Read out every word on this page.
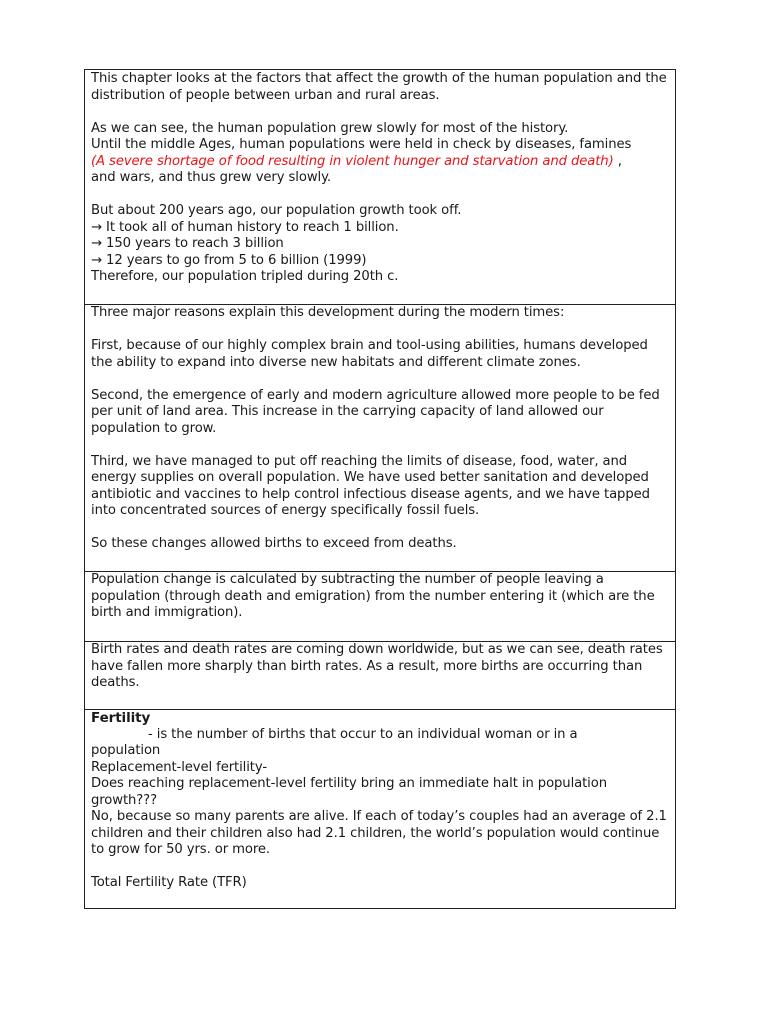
This chapter looks at the factors that affect the growth of the human population and the distribution of people between urban and rural areas.

As we can see, the human population grew slowly for most of the history.

Until the middle Ages, human populations were held in check by diseases, famines

(A severe shortage of food resulting in violent hunger and starvation and death) ,

and wars, and thus grew very slowly.

But about 200 years ago, our population growth took off.

→ It took all of human history to reach 1 billion.

→ 150 years to reach 3 billion

→ 12 years to go from 5 to 6 billion (1999)

Therefore, our population tripled during 20th c.

Three major reasons explain this development during the modern times:

First, because of our highly complex brain and tool-using abilities, humans developed the ability to expand into diverse new habitats and different climate zones.

Second, the emergence of early and modern agriculture allowed more people to be fed per unit of land area. This increase in the carrying capacity of land allowed our population to grow.

Third, we have managed to put off reaching the limits of disease, food, water, and energy supplies on overall population. We have used better sanitation and developed antibiotic and vaccines to help control infectious disease agents, and we have tapped into concentrated sources of energy specifically fossil fuels.

So these changes allowed births to exceed from deaths.

Population change is calculated by subtracting the number of people leaving a population (through death and emigration) from the number entering it (which are the birth and immigration).

Birth rates and death rates are coming down worldwide, but as we can see, death rates have fallen more sharply than birth rates. As a result, more births are occurring than deaths.

Fertility

- is the number of births that occur to an individual woman or in a

population

Replacement-level fertility-

Does reaching replacement-level fertility bring an immediate halt in population growth???

No, because so many parents are alive. If each of today’s couples had an average of 2.1 children and their children also had 2.1 children, the world’s population would continue to grow for 50 yrs. or more.

Total Fertility Rate (TFR)
